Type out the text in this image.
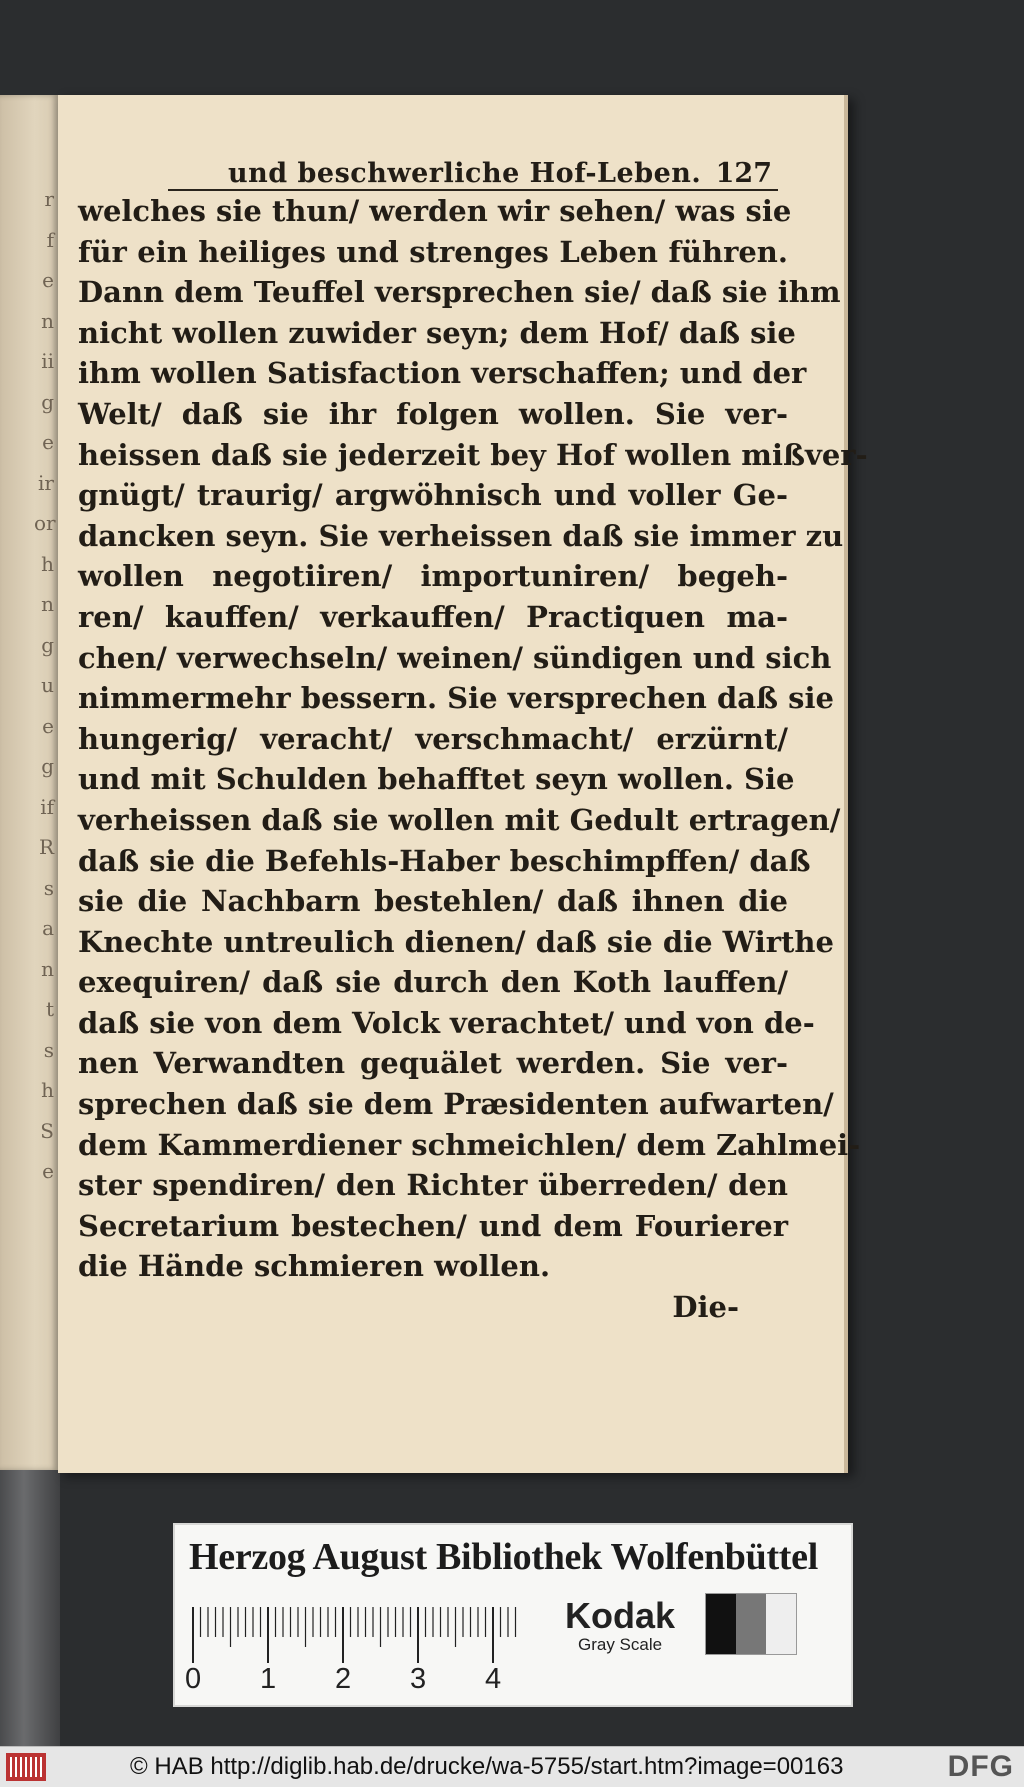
r
f
e
n
ii
g
e
ir
or
h
n
g
u
e
g
if
R
s
a
n
t
s
h
S
e
und beschwerliche Hof-Leben. 127
welches sie thun/ werden wir sehen/ was sie
für ein heiliges und strenges Leben führen.
Dann dem Teuffel versprechen sie/ daß sie ihm
nicht wollen zuwider seyn; dem Hof/ daß sie
ihm wollen Satisfaction verschaffen; und der
Welt/ daß sie ihr folgen wollen. Sie ver-
heissen daß sie jederzeit bey Hof wollen mißver-
gnügt/ traurig/ argwöhnisch und voller Ge-
dancken seyn. Sie verheissen daß sie immer zu
wollen negotiiren/ importuniren/ begeh-
ren/ kauffen/ verkauffen/ Practiquen ma-
chen/ verwechseln/ weinen/ sündigen und sich
nimmermehr bessern. Sie versprechen daß sie
hungerig/ veracht/ verschmacht/ erzürnt/
und mit Schulden behafftet seyn wollen. Sie
verheissen daß sie wollen mit Gedult ertragen/
daß sie die Befehls-Haber beschimpffen/ daß
sie die Nachbarn bestehlen/ daß ihnen die
Knechte untreulich dienen/ daß sie die Wirthe
exequiren/ daß sie durch den Koth lauffen/
daß sie von dem Volck verachtet/ und von de-
nen Verwandten gequälet werden. Sie ver-
sprechen daß sie dem Præsidenten aufwarten/
dem Kammerdiener schmeichlen/ dem Zahlmei-
ster spendiren/ den Richter überreden/ den
Secretarium bestechen/ und dem Fourierer
die Hände schmieren wollen.
Die-
Herzog August Bibliothek Wolfenbüttel
0 1 2 3 4
Kodak
Gray Scale
© HAB http://diglib.hab.de/drucke/wa-5755/start.htm?image=00163	DFG
